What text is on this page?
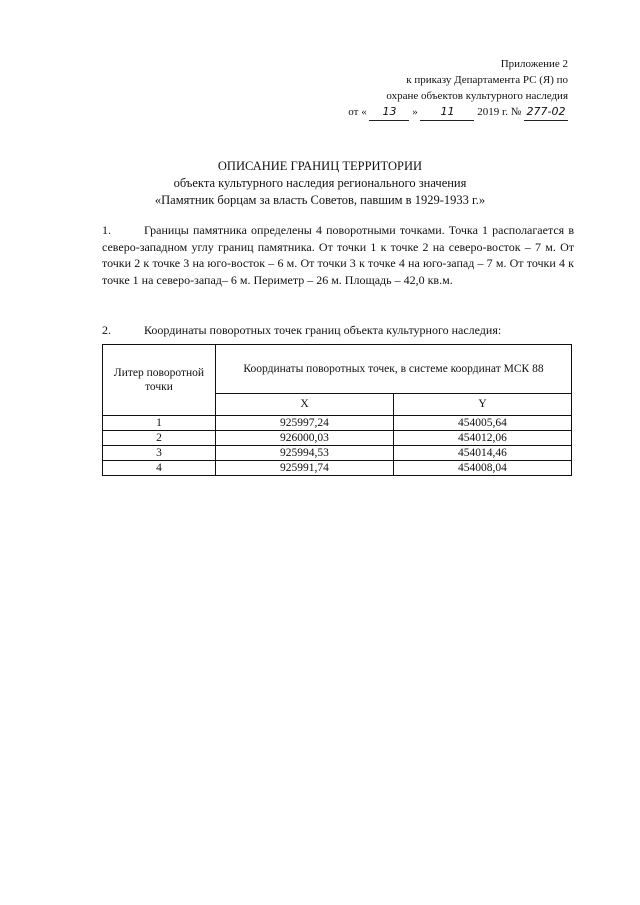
Приложение 2
к приказу Департамента РС (Я) по
охране объектов культурного наследия
от « 13 » 11 2019 г. № 277-02
ОПИСАНИЕ ГРАНИЦ ТЕРРИТОРИИ
объекта культурного наследия регионального значения
«Памятник борцам за власть Советов, павшим в 1929-1933 г.»
1.	Границы памятника определены 4 поворотными точками. Точка 1 располагается в северо-западном углу границ памятника. От точки 1 к точке 2 на северо-восток – 7 м. От точки 2 к точке 3 на юго-восток – 6 м. От точки 3 к точке 4 на юго-запад – 7 м. От точки 4 к точке 1 на северо-запад– 6 м. Периметр – 26 м. Площадь – 42,0 кв.м.
2.	Координаты поворотных точек границ объекта культурного наследия:
Литер поворотной точки	Координаты поворотных точек, в системе координат МСК 88	
	X	Y
1	925997,24	454005,64
2	926000,03	454012,06
3	925994,53	454014,46
4	925991,74	454008,04
